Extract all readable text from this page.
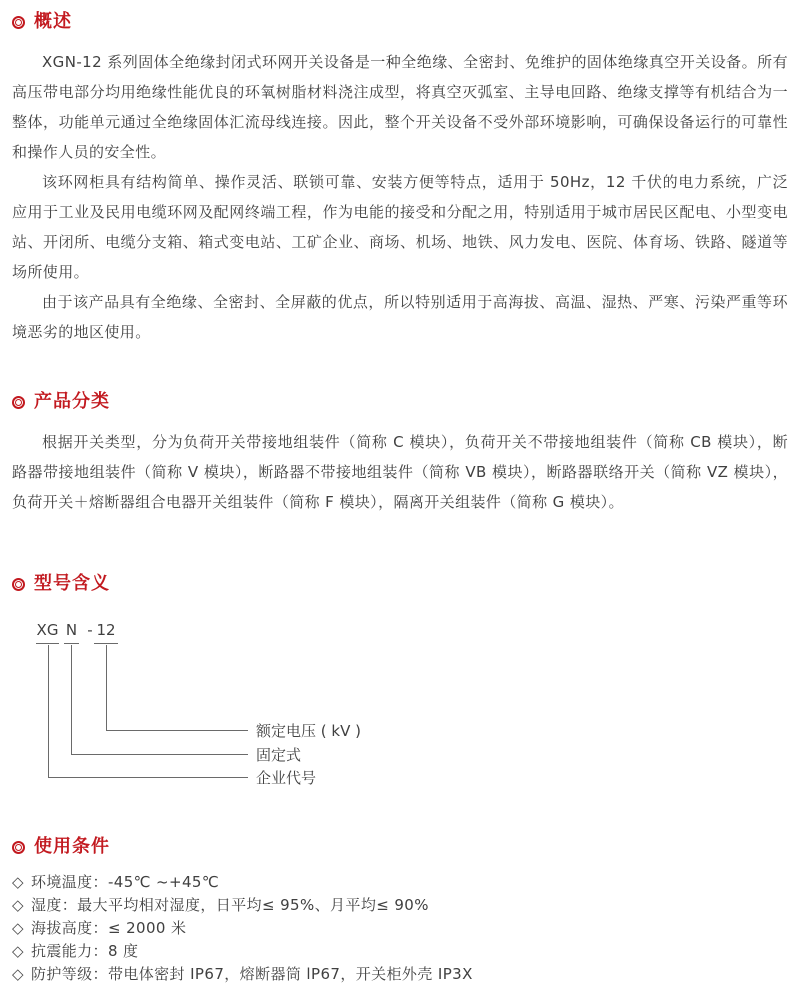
概述

XGN-12 系列固体全绝缘封闭式环网开关设备是一种全绝缘、全密封、免维护的固体绝缘真空开关设备。所有高压带电部分均用绝缘性能优良的环氧树脂材料浇注成型，将真空灭弧室、主导电回路、绝缘支撑等有机结合为一整体，功能单元通过全绝缘固体汇流母线连接。因此，整个开关设备不受外部环境影响，可确保设备运行的可靠性和操作人员的安全性。

该环网柜具有结构简单、操作灵活、联锁可靠、安装方便等特点，适用于 50Hz，12 千伏的电力系统，广泛应用于工业及民用电缆环网及配网终端工程，作为电能的接受和分配之用，特别适用于城市居民区配电、小型变电站、开闭所、电缆分支箱、箱式变电站、工矿企业、商场、机场、地铁、风力发电、医院、体育场、铁路、隧道等场所使用。

由于该产品具有全绝缘、全密封、全屏蔽的优点，所以特别适用于高海拔、高温、湿热、严寒、污染严重等环境恶劣的地区使用。

产品分类

根据开关类型，分为负荷开关带接地组装件（简称 C 模块），负荷开关不带接地组装件（简称 CB 模块），断路器带接地组装件（简称 V 模块），断路器不带接地组装件（简称 VB 模块），断路器联络开关（简称 VZ 模块），负荷开关＋熔断器组合电器开关组装件（简称 F 模块），隔离开关组装件（简称 G 模块）。

型号含义
XG N - 12
额定电压 ( kV )
固定式
企业代号
使用条件
◇ 环境温度：-45℃ ~+45℃
◇ 湿度：最大平均相对湿度，日平均≤ 95%、月平均≤ 90%
◇ 海拔高度：≤ 2000 米
◇ 抗震能力：8 度
◇ 防护等级：带电体密封 IP67，熔断器筒 lP67，开关柜外壳 IP3X
